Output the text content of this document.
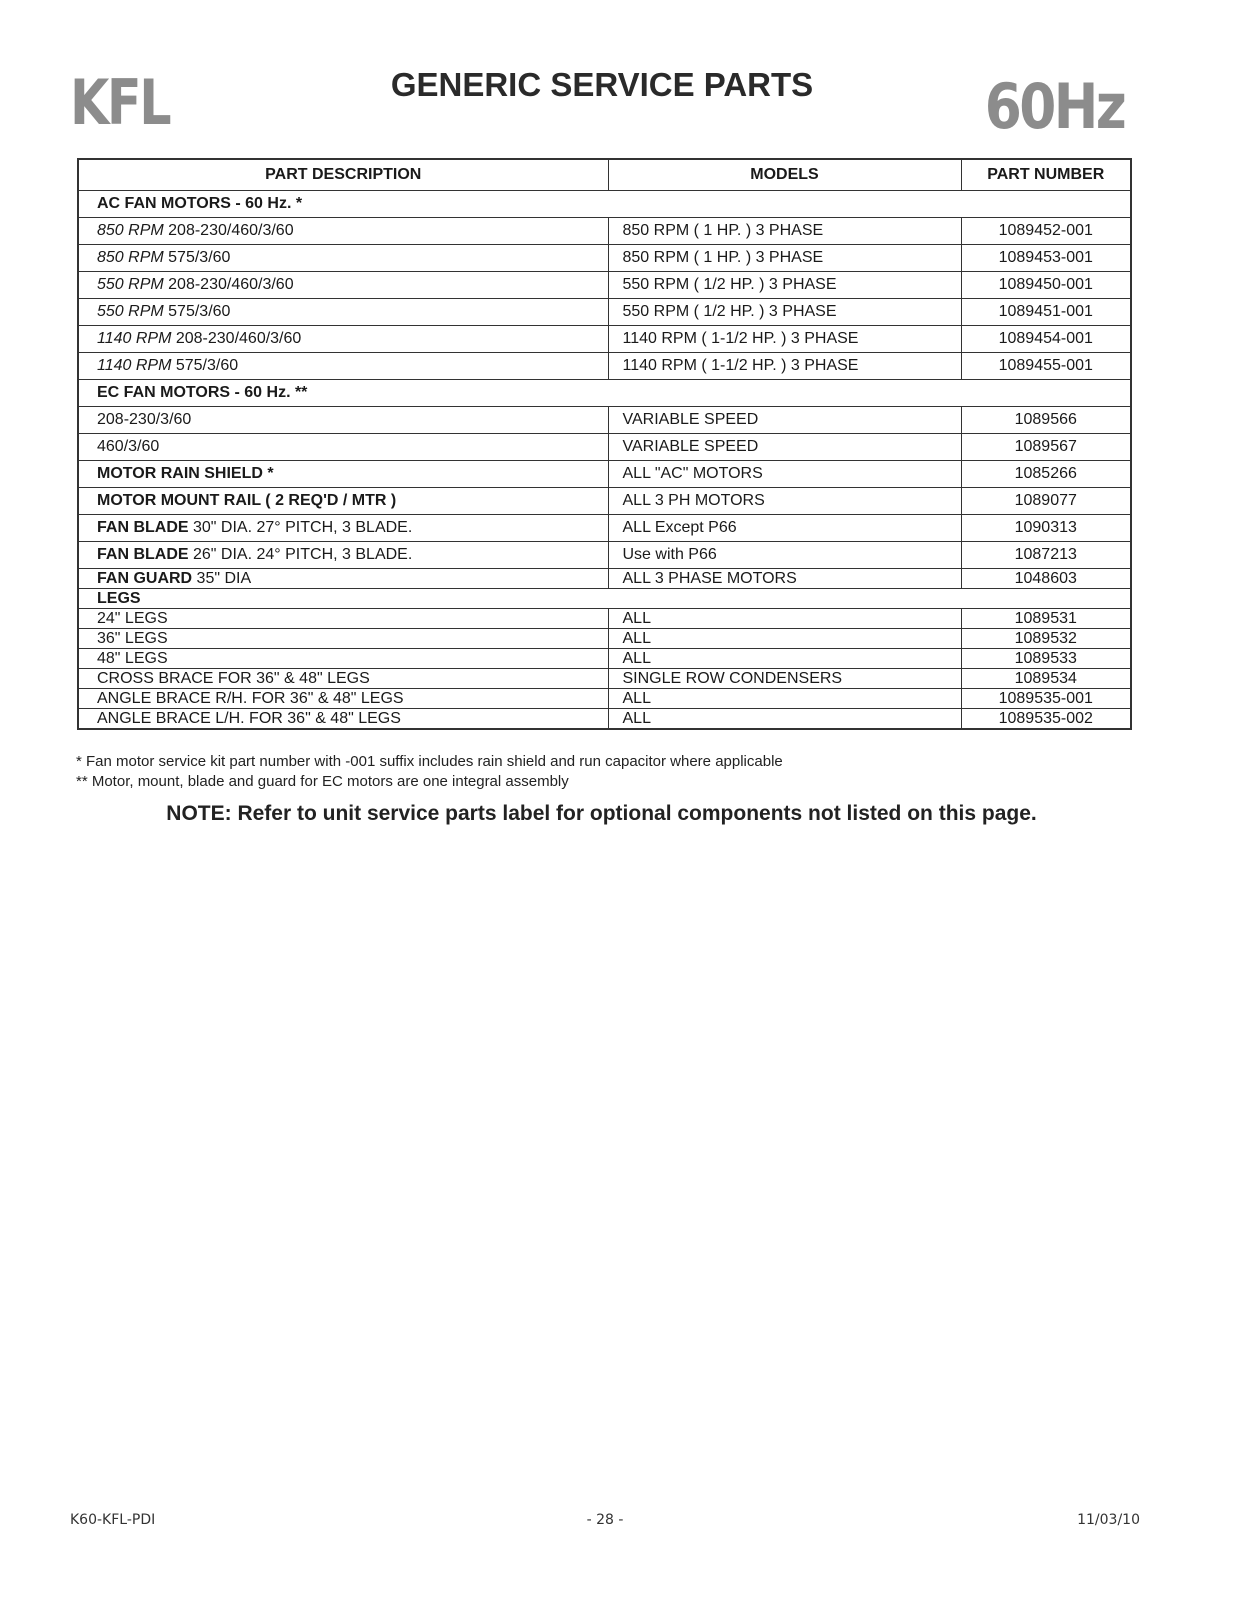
KFL	GENERIC SERVICE PARTS	60Hz
PART DESCRIPTION	MODELS	PART NUMBER
AC FAN MOTORS - 60 Hz. *		
850 RPM 208-230/460/3/60	850 RPM ( 1 HP. ) 3 PHASE	1089452-001
850 RPM 575/3/60	850 RPM ( 1 HP. ) 3 PHASE	1089453-001
550 RPM 208-230/460/3/60	550 RPM ( 1/2 HP. ) 3 PHASE	1089450-001
550 RPM 575/3/60	550 RPM ( 1/2 HP. ) 3 PHASE	1089451-001
1140 RPM 208-230/460/3/60	1140 RPM ( 1-1/2 HP. ) 3 PHASE	1089454-001
1140 RPM 575/3/60	1140 RPM ( 1-1/2 HP. ) 3 PHASE	1089455-001
EC FAN MOTORS - 60 Hz. **		
208-230/3/60	VARIABLE SPEED	1089566
460/3/60	VARIABLE SPEED	1089567
MOTOR RAIN SHIELD *	ALL "AC" MOTORS	1085266
MOTOR MOUNT RAIL ( 2 REQ'D / MTR )	ALL 3 PH MOTORS	1089077
FAN BLADE 30" DIA. 27° PITCH, 3 BLADE.	ALL Except P66	1090313
FAN BLADE 26" DIA. 24° PITCH, 3 BLADE.	Use with P66	1087213
FAN GUARD 35" DIA	ALL 3 PHASE MOTORS	1048603
LEGS		
24" LEGS	ALL	1089531
36" LEGS	ALL	1089532
48" LEGS	ALL	1089533
CROSS BRACE FOR 36" & 48" LEGS	SINGLE ROW CONDENSERS	1089534
ANGLE BRACE R/H. FOR 36" & 48" LEGS	ALL	1089535-001
ANGLE BRACE L/H. FOR 36" & 48" LEGS	ALL	1089535-002
* Fan motor service kit part number with -001 suffix includes rain shield and run capacitor where applicable
** Motor, mount, blade and guard for EC motors are one integral assembly
NOTE: Refer to unit service parts label for optional components not listed on this page.
K60-KFL-PDI	- 28 -	11/03/10
